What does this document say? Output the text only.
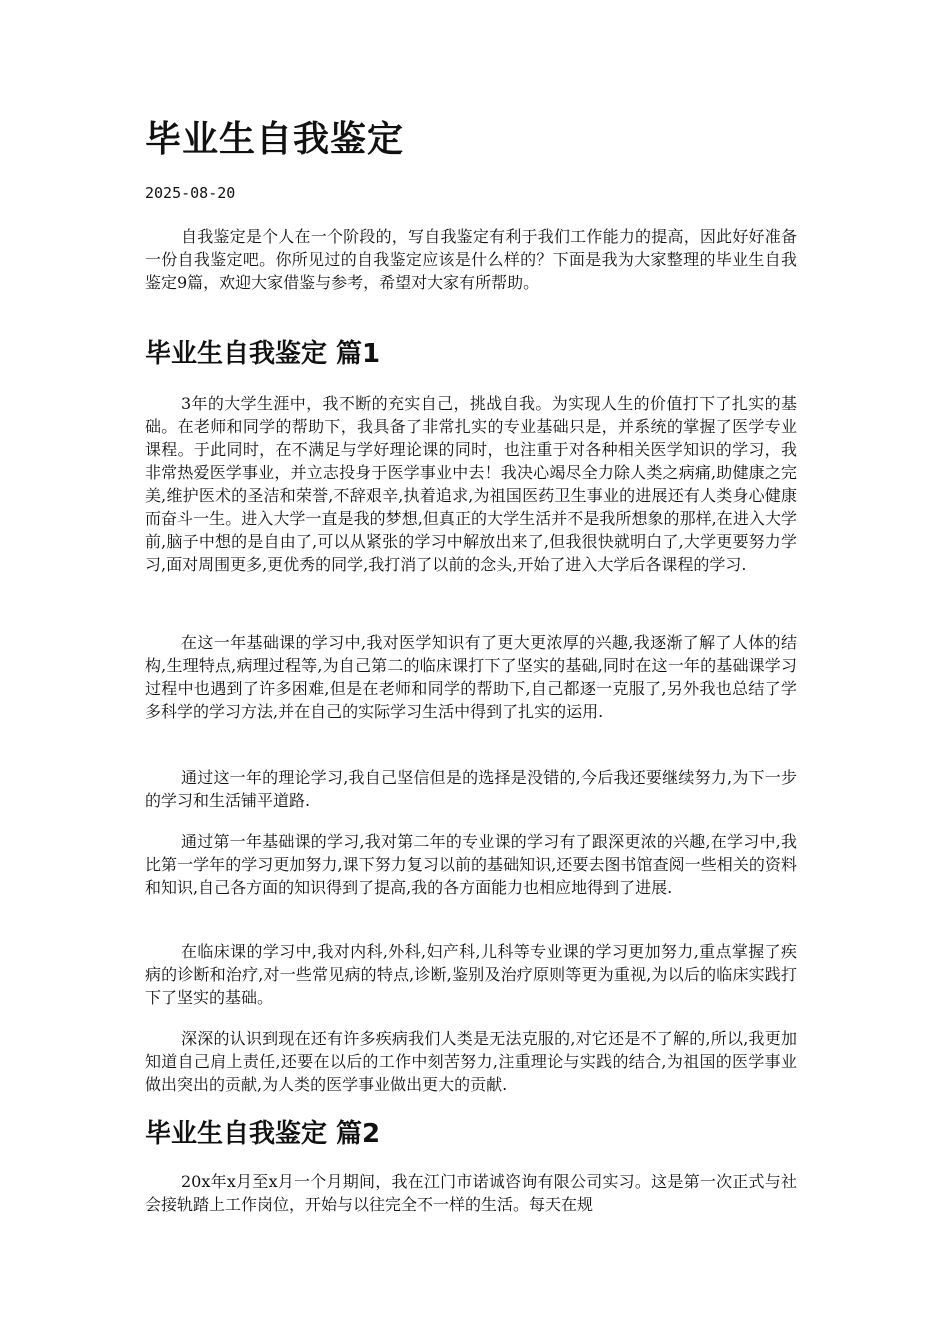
毕业生自我鉴定
2025-08-20

自我鉴定是个人在一个阶段的，写自我鉴定有利于我们工作能力的提高，因此好好准备一份自我鉴定吧。你所见过的自我鉴定应该是什么样的？下面是我为大家整理的毕业生自我鉴定9篇，欢迎大家借鉴与参考，希望对大家有所帮助。

毕业生自我鉴定 篇1

3年的大学生涯中，我不断的充实自己，挑战自我。为实现人生的价值打下了扎实的基础。在老师和同学的帮助下，我具备了非常扎实的专业基础只是，并系统的掌握了医学专业课程。于此同时，在不满足与学好理论课的同时，也注重于对各种相关医学知识的学习，我非常热爱医学事业，并立志投身于医学事业中去！我决心竭尽全力除人类之病痛,助健康之完美,维护医术的圣洁和荣誉,不辞艰辛,执着追求,为祖国医药卫生事业的进展还有人类身心健康而奋斗一生。进入大学一直是我的梦想,但真正的大学生活并不是我所想象的那样,在进入大学前,脑子中想的是自由了,可以从紧张的学习中解放出来了,但我很快就明白了,大学更要努力学习,面对周围更多,更优秀的同学,我打消了以前的念头,开始了进入大学后各课程的学习.

在这一年基础课的学习中,我对医学知识有了更大更浓厚的兴趣,我逐渐了解了人体的结构,生理特点,病理过程等,为自己第二的临床课打下了坚实的基础,同时在这一年的基础课学习过程中也遇到了许多困难,但是在老师和同学的帮助下,自己都逐一克服了,另外我也总结了学多科学的学习方法,并在自己的实际学习生活中得到了扎实的运用.

通过这一年的理论学习,我自己坚信但是的选择是没错的,今后我还要继续努力,为下一步的学习和生活铺平道路.

通过第一年基础课的学习,我对第二年的专业课的学习有了跟深更浓的兴趣,在学习中,我比第一学年的学习更加努力,课下努力复习以前的基础知识,还要去图书馆查阅一些相关的资料和知识,自己各方面的知识得到了提高,我的各方面能力也相应地得到了进展.

在临床课的学习中,我对内科,外科,妇产科,儿科等专业课的学习更加努力,重点掌握了疾病的诊断和治疗,对一些常见病的特点,诊断,鉴别及治疗原则等更为重视,为以后的临床实践打下了坚实的基础。

深深的认识到现在还有许多疾病我们人类是无法克服的,对它还是不了解的,所以,我更加知道自己肩上责任,还要在以后的工作中刻苦努力,注重理论与实践的结合,为祖国的医学事业做出突出的贡献,为人类的医学事业做出更大的贡献.

毕业生自我鉴定 篇2

20x年x月至x月一个月期间，我在江门市诺诚咨询有限公司实习。这是第一次正式与社会接轨踏上工作岗位，开始与以往完全不一样的生活。每天在规
